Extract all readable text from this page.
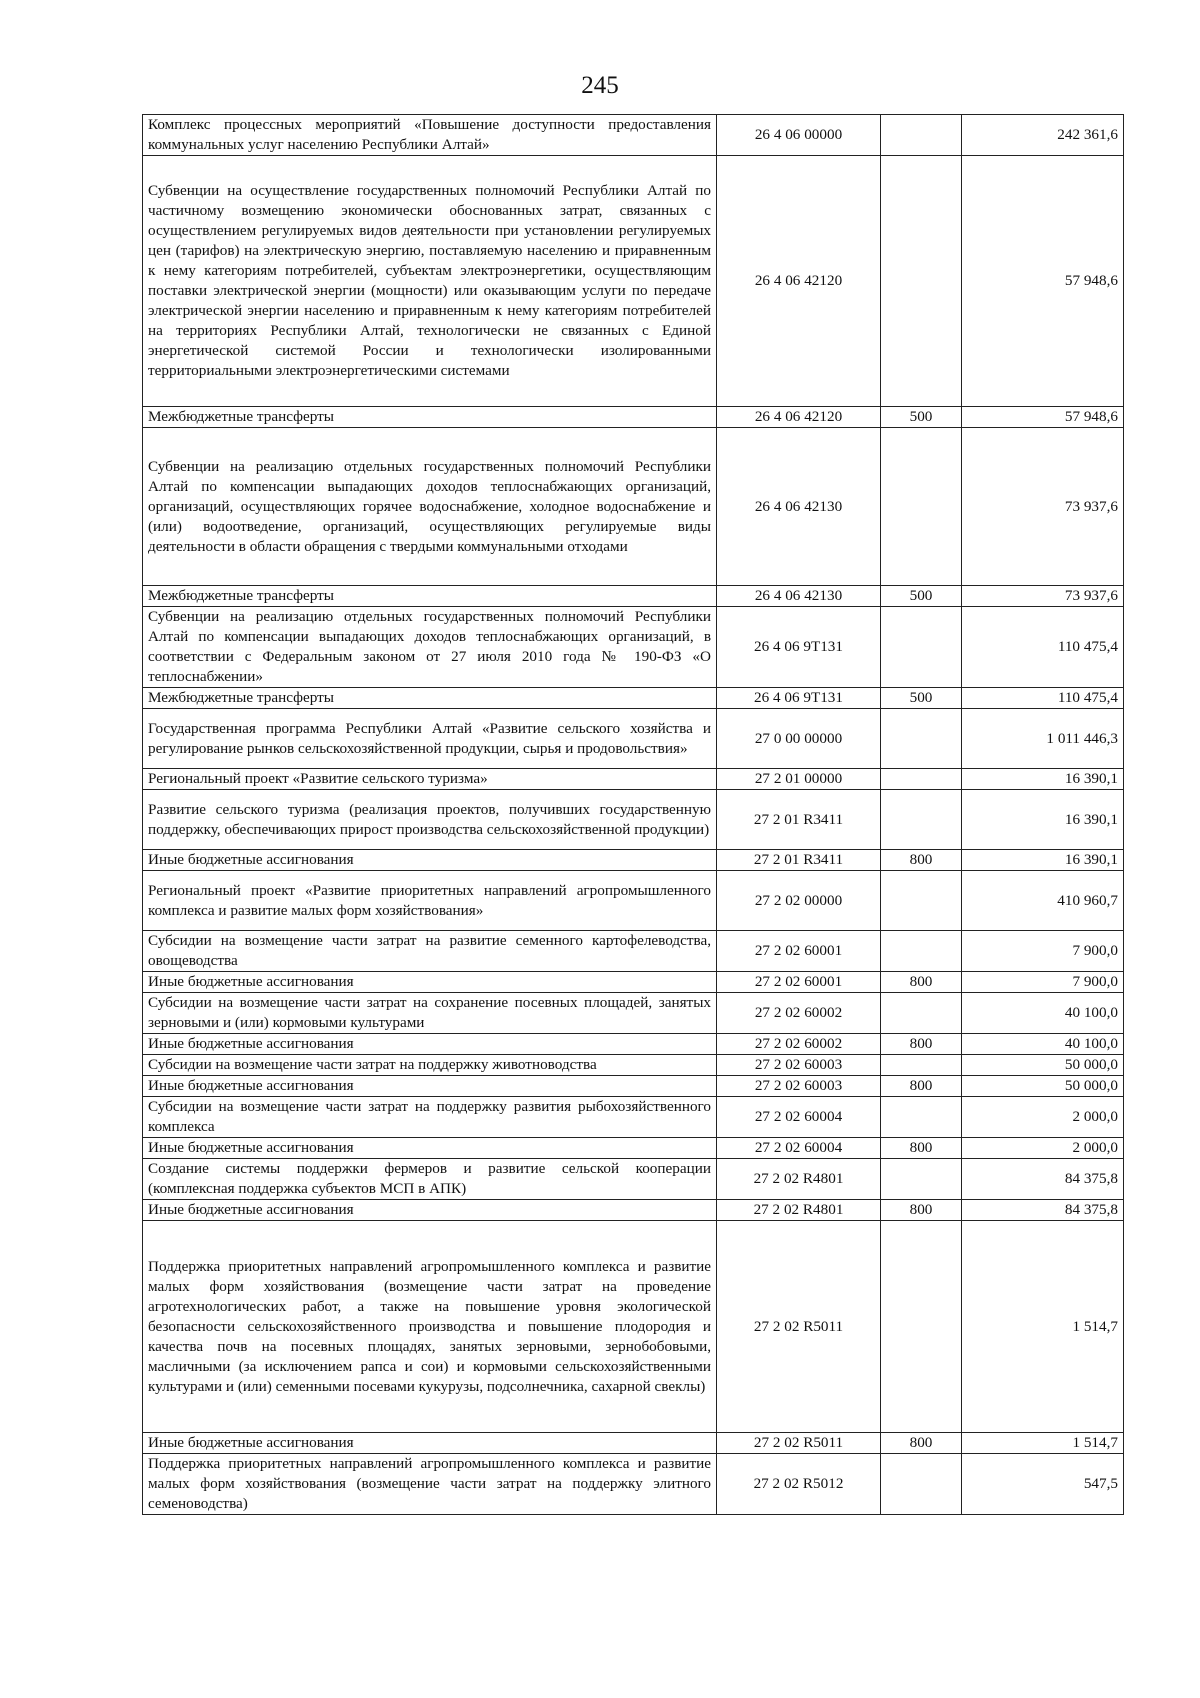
245
Комплекс процессных мероприятий «Повышение доступности предоставления коммунальных услуг населению Республики Алтай»	26 4 06 00000		242 361,6
Субвенции на осуществление государственных полномочий Республики Алтай по частичному возмещению экономически обоснованных затрат, связанных с осуществлением регулируемых видов деятельности при установлении регулируемых цен (тарифов) на электрическую энергию, поставляемую населению и приравненным к нему категориям потребителей, субъектам электроэнергетики, осуществляющим поставки электрической энергии (мощности) или оказывающим услуги по передаче электрической энергии населению и приравненным к нему категориям потребителей на территориях Республики Алтай, технологически не связанных с Единой энергетической системой России и технологически изолированными территориальными электроэнергетическими системами	26 4 06 42120		57 948,6
Межбюджетные трансферты	26 4 06 42120	500	57 948,6
Субвенции на реализацию отдельных государственных полномочий Республики Алтай по компенсации выпадающих доходов теплоснабжающих организаций, организаций, осуществляющих горячее водоснабжение, холодное водоснабжение и (или) водоотведение, организаций, осуществляющих регулируемые виды деятельности в области обращения с твердыми коммунальными отходами	26 4 06 42130		73 937,6
Межбюджетные трансферты	26 4 06 42130	500	73 937,6
Субвенции на реализацию отдельных государственных полномочий Республики Алтай по компенсации выпадающих доходов теплоснабжающих организаций, в соответствии с Федеральным законом от 27 июля 2010 года № 190-ФЗ «О теплоснабжении»	26 4 06 9Т131		110 475,4
Межбюджетные трансферты	26 4 06 9Т131	500	110 475,4
Государственная программа Республики Алтай «Развитие сельского хозяйства и регулирование рынков сельскохозяйственной продукции, сырья и продовольствия»	27 0 00 00000		1 011 446,3
Региональный проект «Развитие сельского туризма»	27 2 01 00000		16 390,1
Развитие сельского туризма (реализация проектов, получивших государственную поддержку, обеспечивающих прирост производства сельскохозяйственной продукции)	27 2 01 R3411		16 390,1
Иные бюджетные ассигнования	27 2 01 R3411	800	16 390,1
Региональный проект «Развитие приоритетных направлений агропромышленного комплекса и развитие малых форм хозяйствования»	27 2 02 00000		410 960,7
Субсидии на возмещение части затрат на развитие семенного картофелеводства, овощеводства	27 2 02 60001		7 900,0
Иные бюджетные ассигнования	27 2 02 60001	800	7 900,0
Субсидии на возмещение части затрат на сохранение посевных площадей, занятых зерновыми и (или) кормовыми культурами	27 2 02 60002		40 100,0
Иные бюджетные ассигнования	27 2 02 60002	800	40 100,0
Субсидии на возмещение части затрат на поддержку животноводства	27 2 02 60003		50 000,0
Иные бюджетные ассигнования	27 2 02 60003	800	50 000,0
Субсидии на возмещение части затрат на поддержку развития рыбохозяйственного комплекса	27 2 02 60004		2 000,0
Иные бюджетные ассигнования	27 2 02 60004	800	2 000,0
Создание системы поддержки фермеров и развитие сельской кооперации (комплексная поддержка субъектов МСП в АПК)	27 2 02 R4801		84 375,8
Иные бюджетные ассигнования	27 2 02 R4801	800	84 375,8
Поддержка приоритетных направлений агропромышленного комплекса и развитие малых форм хозяйствования (возмещение части затрат на проведение агротехнологических работ, а также на повышение уровня экологической безопасности сельскохозяйственного производства и повышение плодородия и качества почв на посевных площадях, занятых зерновыми, зернобобовыми, масличными (за исключением рапса и сои) и кормовыми сельскохозяйственными культурами и (или) семенными посевами кукурузы, подсолнечника, сахарной свеклы)	27 2 02 R5011		1 514,7
Иные бюджетные ассигнования	27 2 02 R5011	800	1 514,7
Поддержка приоритетных направлений агропромышленного комплекса и развитие малых форм хозяйствования (возмещение части затрат на поддержку элитного семеноводства)	27 2 02 R5012		547,5
